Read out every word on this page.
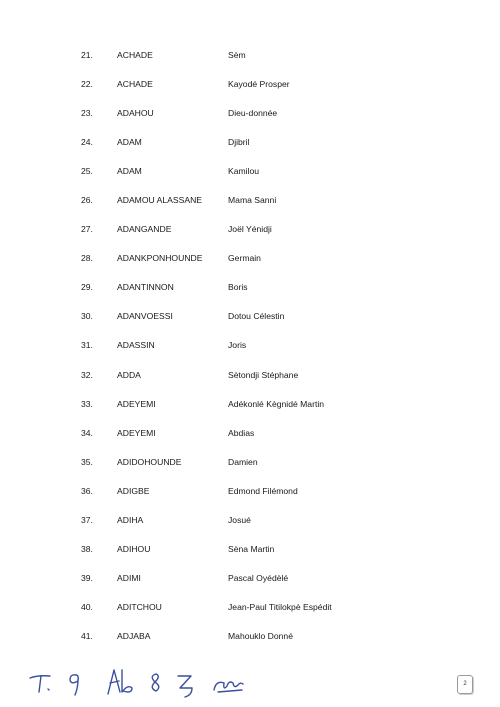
21.	ACHADE	Sèm
22.	ACHADE	Kayodé Prosper
23.	ADAHOU	Dieu-donnée
24.	ADAM	Djibril
25.	ADAM	Kamilou
26.	ADAMOU ALASSANE	Mama Sanni
27.	ADANGANDE	Joël Yénidji
28.	ADANKPONHOUNDE	Germain
29.	ADANTINNON	Boris
30.	ADANVOESSI	Dotou Célestin
31.	ADASSIN	Joris
32.	ADDA	Sètondji Stéphane
33.	ADEYEMI	Adékonlé Kègnidé Martin
34.	ADEYEMI	Abdias
35.	ADIDOHOUNDE	Damien
36.	ADIGBE	Edmond Filémond
37.	ADIHA	Josué
38.	ADIHOU	Sèna Martin
39.	ADIMI	Pascal Oyédèlé
40.	ADITCHOU	Jean-Paul Titilokpè Espédit
41.	ADJABA	Mahouklo Donné
2
